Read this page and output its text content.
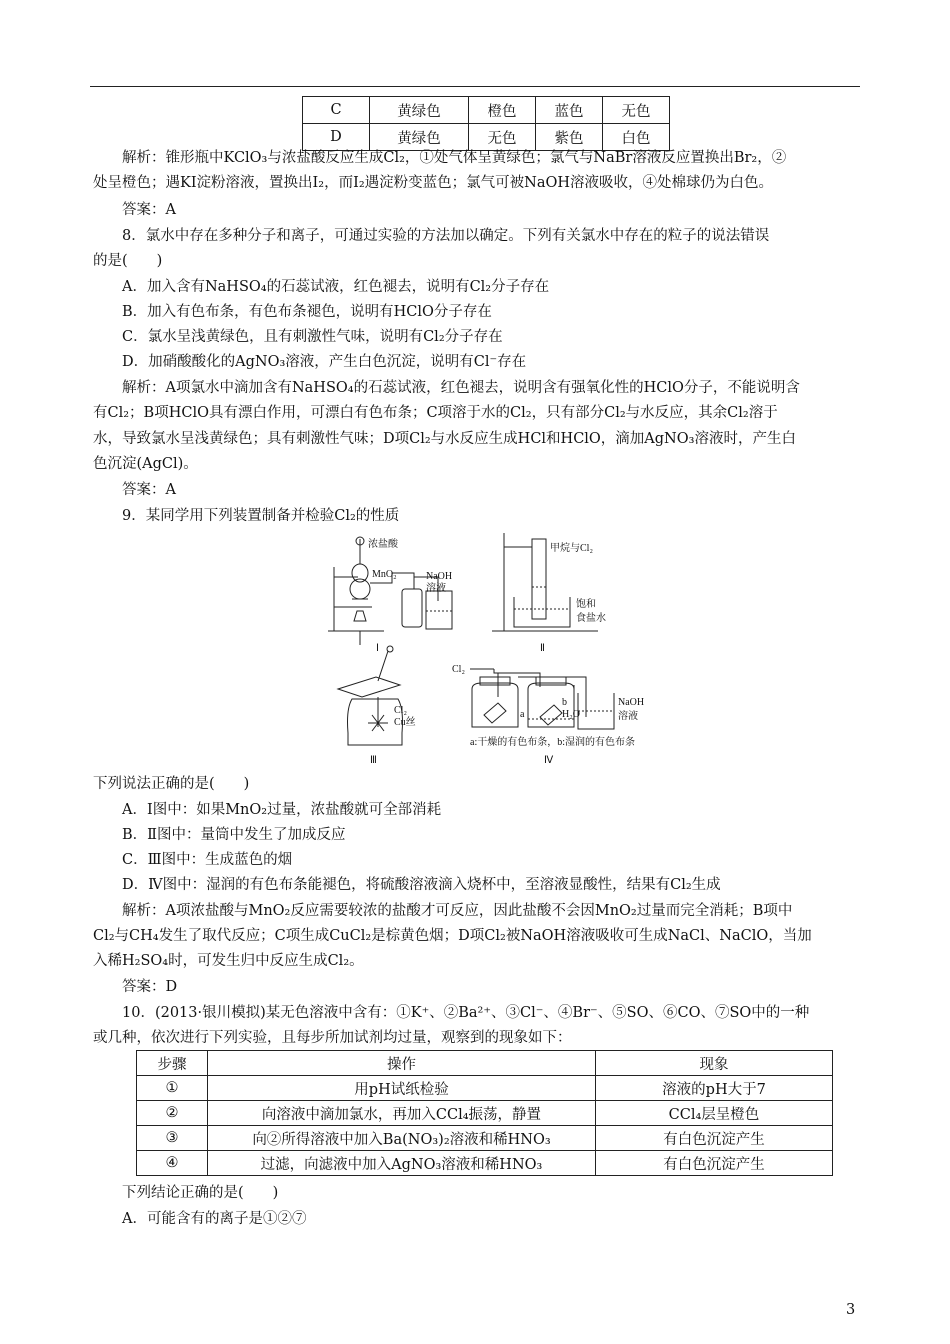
C	黄绿色	橙色	蓝色	无色
D	黄绿色	无色	紫色	白色
解析：锥形瓶中KClO₃与浓盐酸反应生成Cl₂，①处气体呈黄绿色；氯气与NaBr溶液反应置换出Br₂，②
处呈橙色；遇KI淀粉溶液，置换出I₂，而I₂遇淀粉变蓝色；氯气可被NaOH溶液吸收，④处棉球仍为白色。
答案：A
8．氯水中存在多种分子和离子，可通过实验的方法加以确定。下列有关氯水中存在的粒子的说法错误
的是(　　)
A．加入含有NaHSO₄的石蕊试液，红色褪去，说明有Cl₂分子存在
B．加入有色布条，有色布条褪色，说明有HClO分子存在
C．氯水呈浅黄绿色，且有刺激性气味，说明有Cl₂分子存在
D．加硝酸酸化的AgNO₃溶液，产生白色沉淀，说明有Cl⁻存在
解析：A项氯水中滴加含有NaHSO₄的石蕊试液，红色褪去，说明含有强氧化性的HClO分子，不能说明含
有Cl₂；B项HClO具有漂白作用，可漂白有色布条；C项溶于水的Cl₂，只有部分Cl₂与水反应，其余Cl₂溶于
水，导致氯水呈浅黄绿色；具有刺激性气味；D项Cl₂与水反应生成HCl和HClO，滴加AgNO₃溶液时，产生白
色沉淀(AgCl)。
答案：A
9．某同学用下列装置制备并检验Cl₂的性质
浓盐酸
MnO₂	NaOH
溶液
Ⅰ
甲烷与Cl₂
饱和
食盐水
Ⅱ
Cl₂
Cu丝
Ⅲ
Cl₂
a
b
H₂O
NaOH
溶液
a:干燥的有色布条，b:湿润的有色布条
Ⅳ
下列说法正确的是(　　)
A．Ⅰ图中：如果MnO₂过量，浓盐酸就可全部消耗
B．Ⅱ图中：量筒中发生了加成反应
C．Ⅲ图中：生成蓝色的烟
D．Ⅳ图中：湿润的有色布条能褪色，将硫酸溶液滴入烧杯中，至溶液显酸性，结果有Cl₂生成
解析：A项浓盐酸与MnO₂反应需要较浓的盐酸才可反应，因此盐酸不会因MnO₂过量而完全消耗；B项中
Cl₂与CH₄发生了取代反应；C项生成CuCl₂是棕黄色烟；D项Cl₂被NaOH溶液吸收可生成NaCl、NaClO，当加
入稀H₂SO₄时，可发生归中反应生成Cl₂。
答案：D
10．(2013·银川模拟)某无色溶液中含有：①K⁺、②Ba²⁺、③Cl⁻、④Br⁻、⑤SO、⑥CO、⑦SO中的一种
或几种，依次进行下列实验，且每步所加试剂均过量，观察到的现象如下：
步骤	操作	现象
①	用pH试纸检验	溶液的pH大于7
②	向溶液中滴加氯水，再加入CCl₄振荡，静置	CCl₄层呈橙色
③	向②所得溶液中加入Ba(NO₃)₂溶液和稀HNO₃	有白色沉淀产生
④	过滤，向滤液中加入AgNO₃溶液和稀HNO₃	有白色沉淀产生
下列结论正确的是(　　)
A．可能含有的离子是①②⑦
3
